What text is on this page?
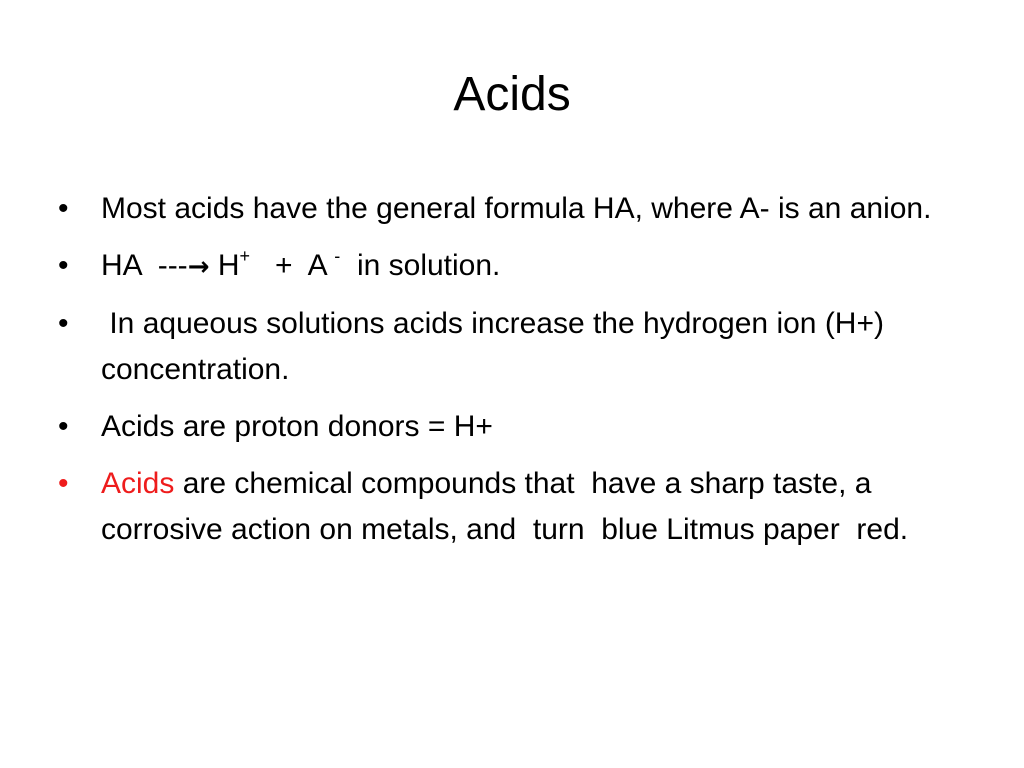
Acids
•	Most acids have the general formula HA, where A- is an anion.
•	HA ---→ H+ + A - in solution.
•	In aqueous solutions acids increase the hydrogen ion (H+) concentration.
•	Acids are proton donors = H+
•	Acids are chemical compounds that  have a sharp taste, a corrosive action on metals, and  turn  blue Litmus paper  red.
